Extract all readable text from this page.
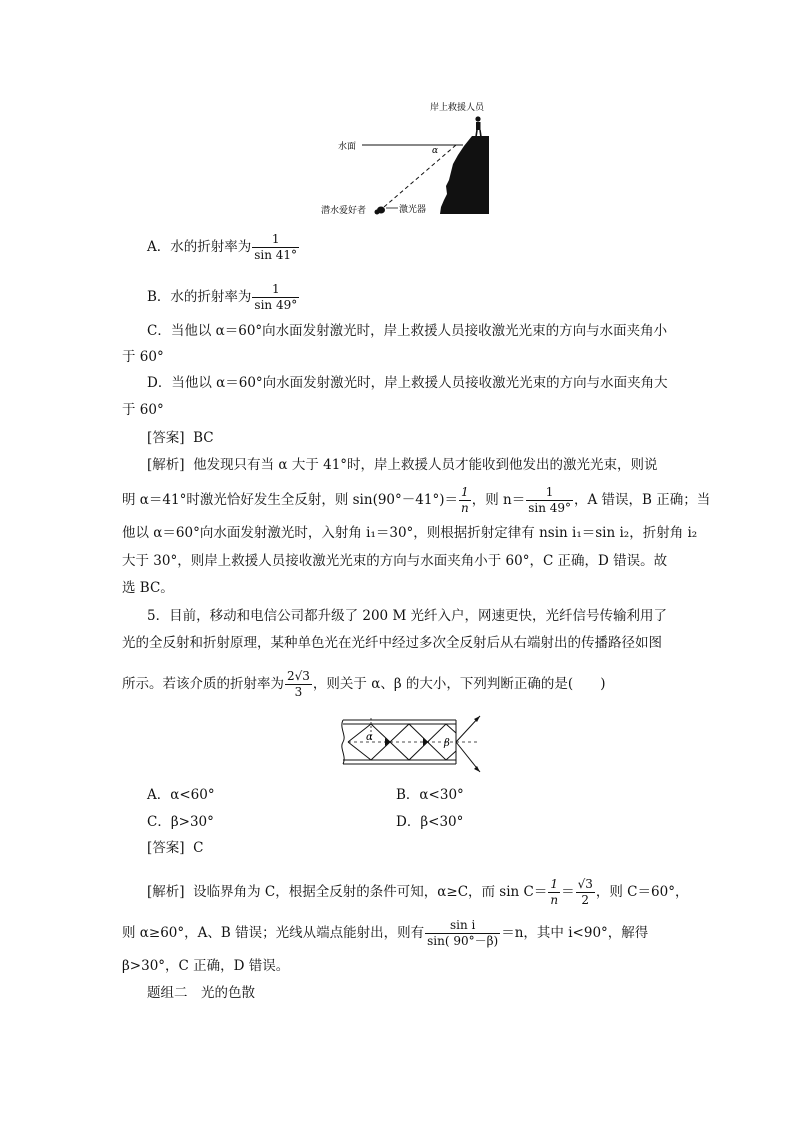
岸上救援人员
水面	α
潜水爱好者	激光器
A．水的折射率为 $\frac{1}{\sin 41^\circ}$
B．水的折射率为 $\frac{1}{\sin 49^\circ}$
C．当他以 α＝60°向水面发射激光时，岸上救援人员接收激光光束的方向与水面夹角小
于 60°
D．当他以 α＝60°向水面发射激光时，岸上救援人员接收激光光束的方向与水面夹角大
于 60°
[答案] BC
[解析] 他发现只有当 α 大于 41°时，岸上救援人员才能收到他发出的激光光束，则说
明 α＝41°时激光恰好发生全反射，则 $\sin(90^\circ-41^\circ)= \frac{1}{n}$ ，则 $n= \frac{1}{\sin 49^\circ}$ ，A 错误，B 正确；当
他以 α＝60°向水面发射激光时，入射角 i₁＝30°，则根据折射定律有 nsin i₁＝sin i₂，折射角 i₂
大于 30°，则岸上救援人员接收激光光束的方向与水面夹角小于 60°，C 正确，D 错误。故
选 BC。
5．目前，移动和电信公司都升级了 200 M 光纤入户，网速更快，光纤信号传输利用了
光的全反射和折射原理，某种单色光在光纤中经过多次全反射后从右端射出的传播路径如图
所示。若该介质的折射率为 $\frac{2√3}{3}$ ，则关于 α、β 的大小，下列判断正确的是(　　)
α
β
A．α<60°	B．α<30°
C．β>30°	D．β<30°
[答案] C
[解析] 设临界角为 C，根据全反射的条件可知，α≥C，而 $\sin C= \frac{1}{n} = \frac{√3}{2}$ ，则 C＝60°，
则 α≥60°，A、B 错误；光线从端点能射出，则有 $\frac{\text{sin i}}{\sin( 90^\circ-\beta)} =n$，其中 i<90°，解得
β>30°，C 正确，D 错误。
题组二　光的色散
